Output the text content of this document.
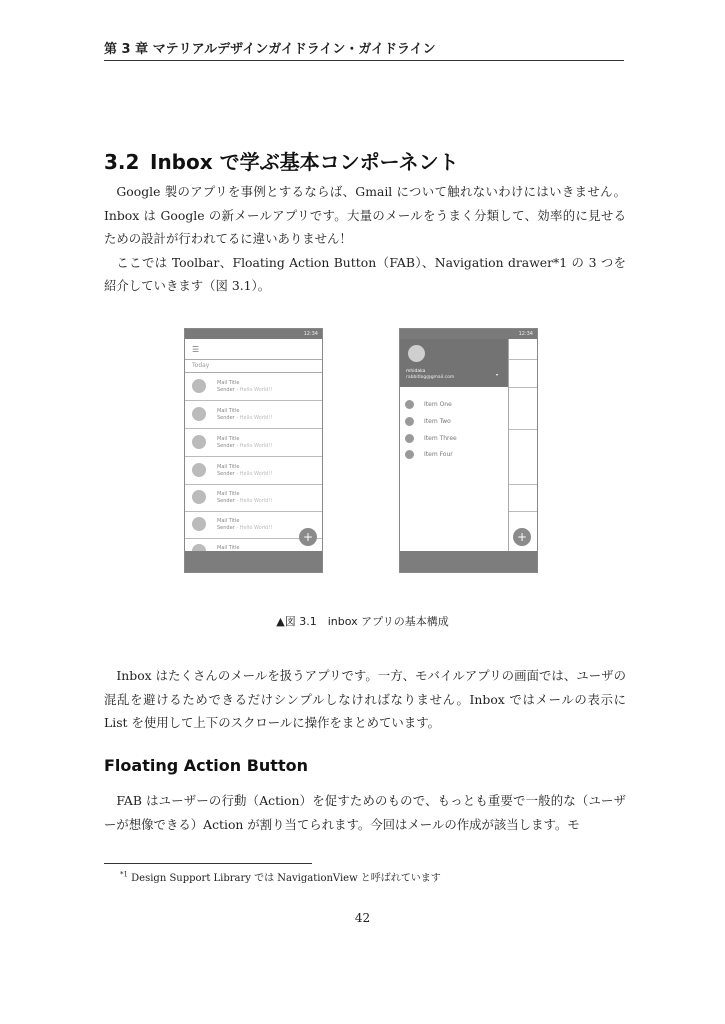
第 3 章 マテリアルデザインガイドライン・ガイドライン
3.2 Inbox で学ぶ基本コンポーネント

Google 製のアプリを事例とするならば、Gmail について触れないわけにはいきません。Inbox は Google の新メールアプリです。大量のメールをうまく分類して、効率的に見せるための設計が行われてるに違いありません！

ここでは Toolbar、Floating Action Button（FAB）、Navigation drawer*1 の 3 つを紹介していきます（図 3.1）。

12:34
☰
Today
Mail Title
Sender - Hello World!!
Mail Title
Sender - Hello World!!
Mail Title
Sender - Hello World!!
Mail Title
Sender - Hello World!!
Mail Title
Sender - Hello World!!
Mail Title
Sender - Hello World!!
Mail Title
+
12:34
mhidaka
rabbitlog@gmail.com
▾
Item One
Item Two
Item Three
Item Four
+
▲図 3.1　inbox アプリの基本構成

Inbox はたくさんのメールを扱うアプリです。一方、モバイルアプリの画面では、ユーザの混乱を避けるためできるだけシンプルしなければなりません。Inbox ではメールの表示に List を使用して上下のスクロールに操作をまとめています。

Floating Action Button

FAB はユーザーの行動（Action）を促すためのもので、もっとも重要で一般的な（ユーザーが想像できる）Action が割り当てられます。今回はメールの作成が該当します。モ

$^{*1}$ Design Support Library では NavigationView と呼ばれています
42
